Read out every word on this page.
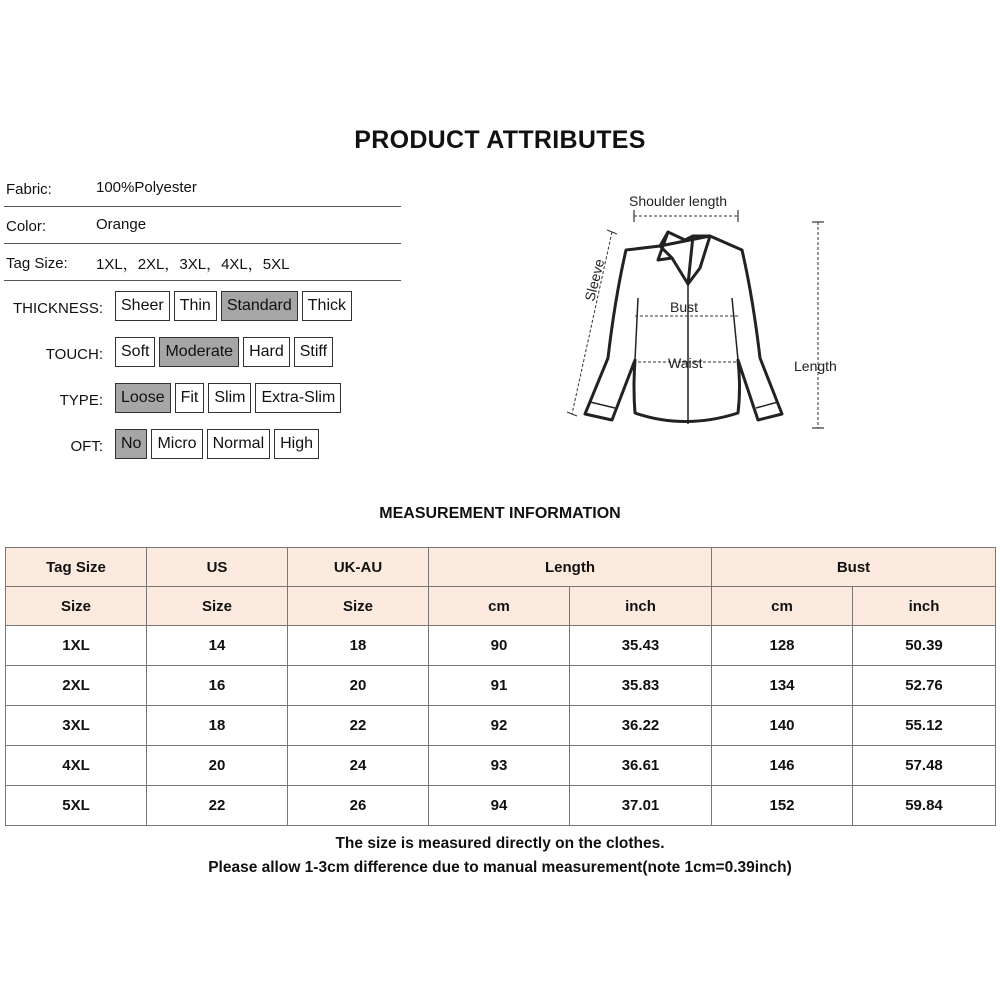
PRODUCT ATTRIBUTES
Fabric:	100%Polyester
Color:	Orange
Tag Size: 1XL，2XL，3XL，4XL，5XL
THICKNESS:	Sheer	Thin	Standard	Thick
TOUCH:	Soft	Moderate	Hard	Stiff
TYPE:	Loose	Fit	Slim	Extra-Slim
OFT:	No	Micro	Normal	High
Shoulder length
Sleeve
Bust
Waist	Length
MEASUREMENT INFORMATION
Tag Size	US	UK-AU	Length		Bust	
Size	Size	Size	cm	inch	cm	inch
1XL	14	18	90	35.43	128	50.39
2XL	16	20	91	35.83	134	52.76
3XL	18	22	92	36.22	140	55.12
4XL	20	24	93	36.61	146	57.48
5XL	22	26	94	37.01	152	59.84
The size is measured directly on the clothes.
Please allow 1-3cm difference due to manual measurement(note 1cm=0.39inch)
